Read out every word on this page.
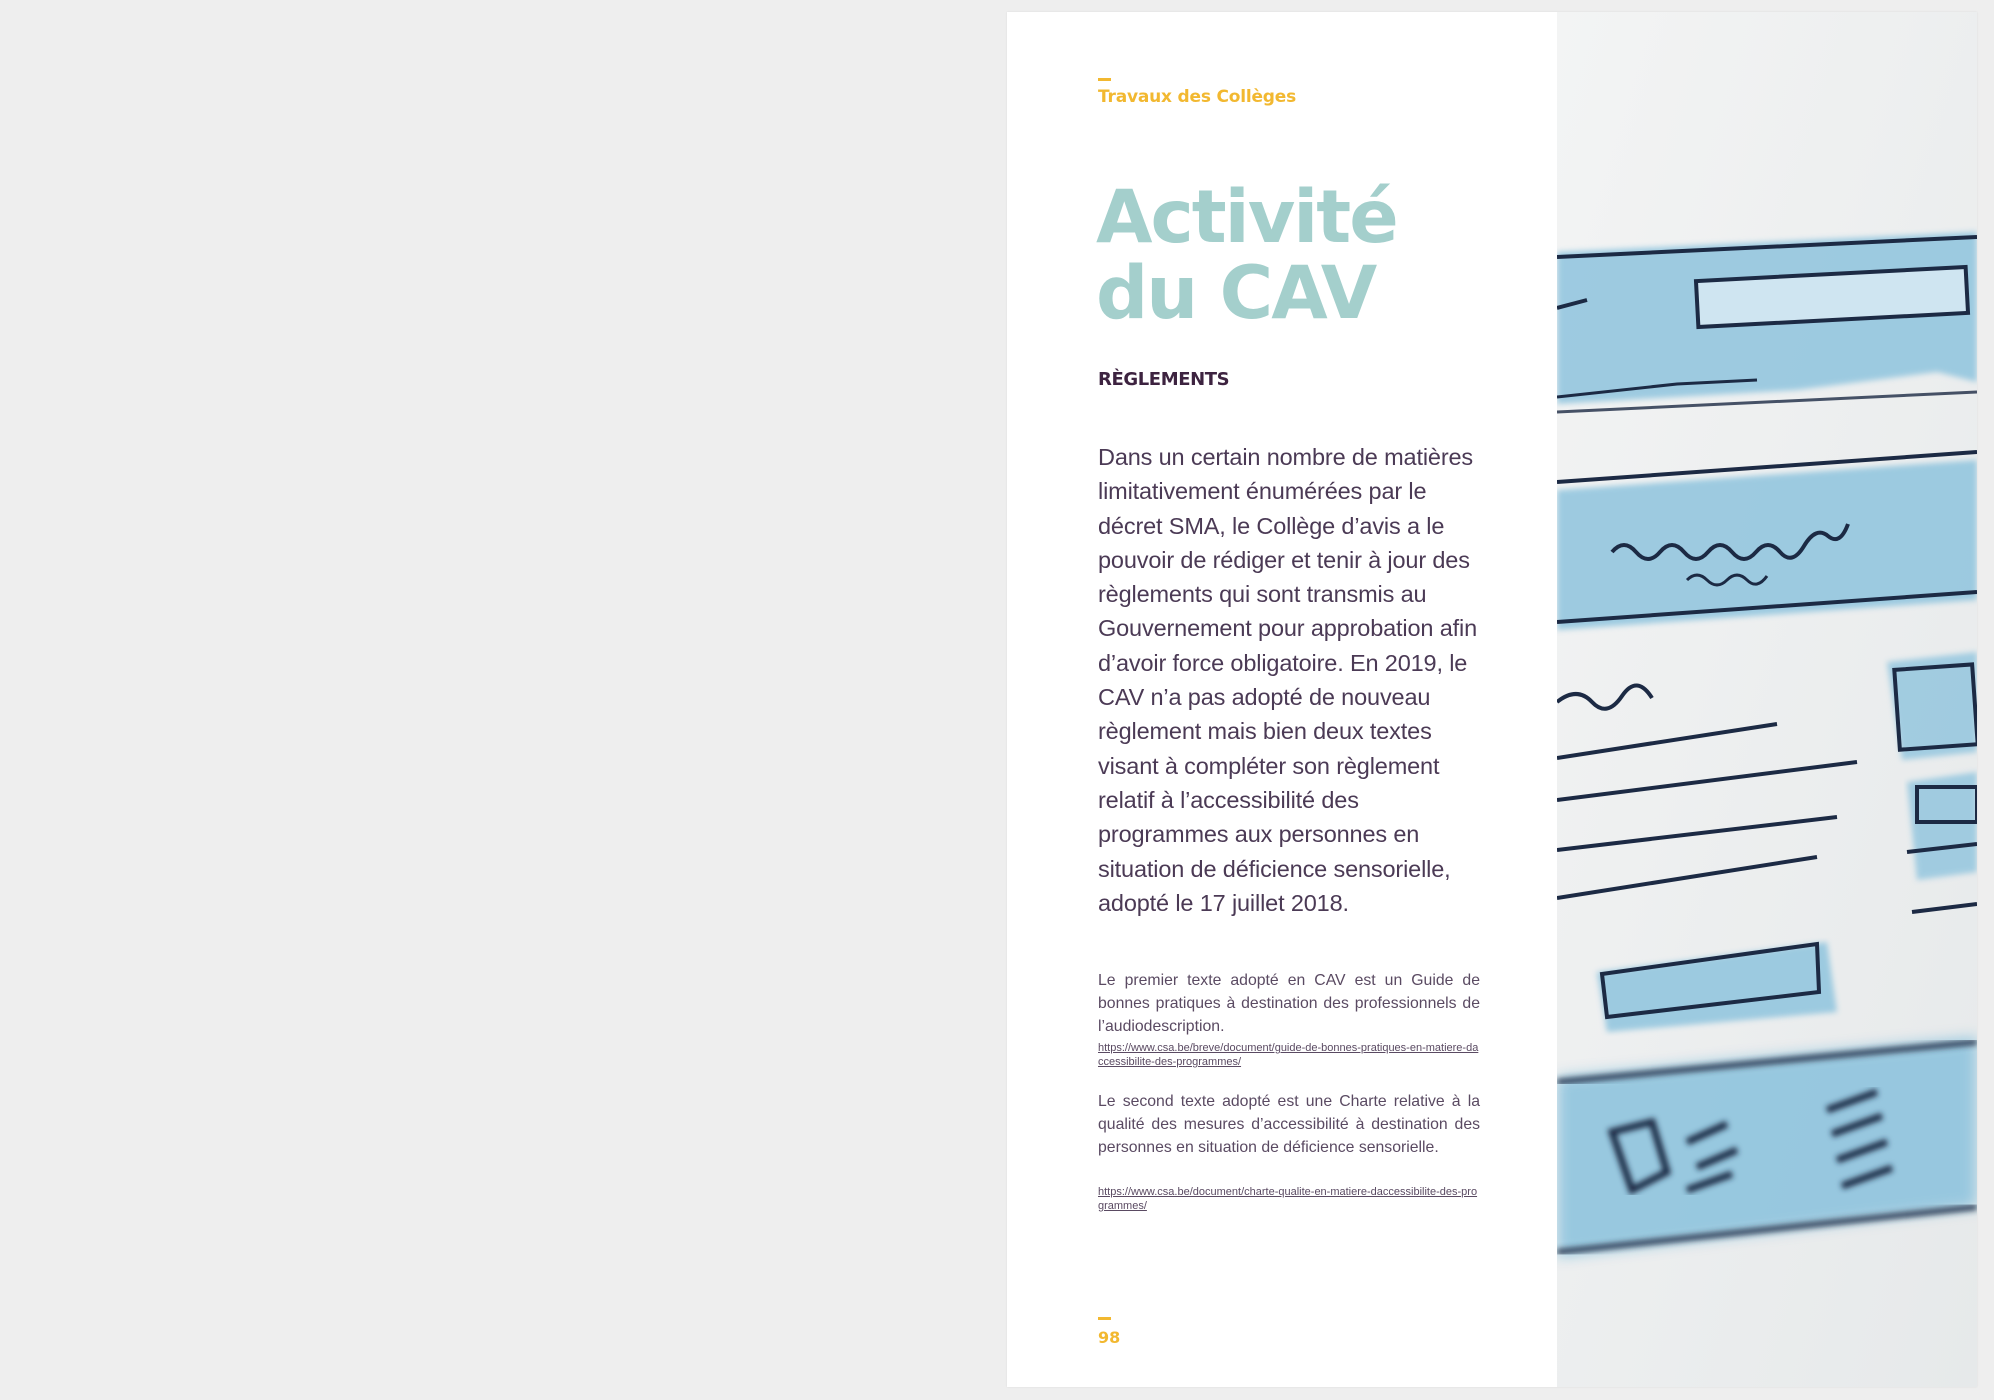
Travaux des Collèges
Activité
du CAV
RÈGLEMENTS

Dans un certain nombre de matières limitativement énumérées par le décret SMA, le Collège d’avis a le pouvoir de rédiger et tenir à jour des règlements qui sont transmis au Gouvernement pour approbation afin d’avoir force obligatoire. En 2019, le CAV n’a pas adopté de nouveau règlement mais bien deux textes visant à compléter son règlement relatif à l’accessibilité des programmes aux personnes en situation de déficience sensorielle, adopté le 17 juillet 2018.

Le premier texte adopté en CAV est un Guide de bonnes pratiques à destination des professionnels de l’audiodescription.

https://www.csa.be/breve/document/guide-de-bonnes-pratiques-en-matiere-daccessibilite-des-programmes/

Le second texte adopté est une Charte relative à la qualité des mesures d’accessibilité à destination des personnes en situation de déficience sensorielle.

https://www.csa.be/document/charte-qualite-en-matiere-daccessibilite-des-programmes/

98
